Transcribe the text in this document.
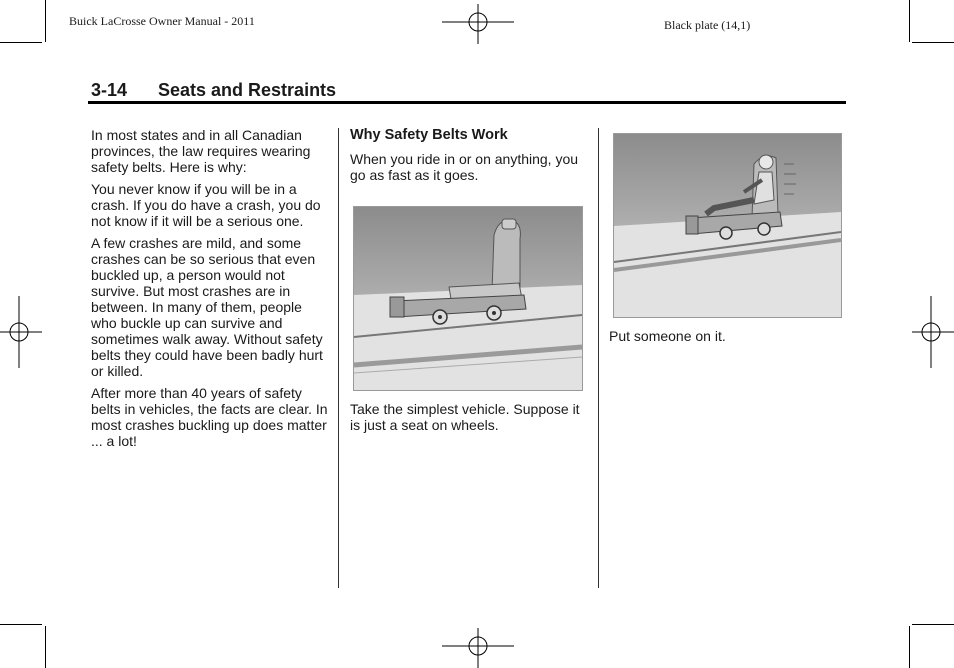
Buick LaCrosse Owner Manual - 2011	Black plate (14,1)
3-14 Seats and Restraints

In most states and in all Canadian provinces, the law requires wearing safety belts. Here is why:

You never know if you will be in a crash. If you do have a crash, you do not know if it will be a serious one.

A few crashes are mild, and some crashes can be so serious that even buckled up, a person would not survive. But most crashes are in between. In many of them, people who buckle up can survive and sometimes walk away. Without safety belts they could have been badly hurt or killed.

After more than 40 years of safety belts in vehicles, the facts are clear. In most crashes buckling up does matter ... a lot!

Why Safety Belts Work

When you ride in or on anything, you go as fast as it goes.

Take the simplest vehicle. Suppose it is just a seat on wheels.

Put someone on it.
